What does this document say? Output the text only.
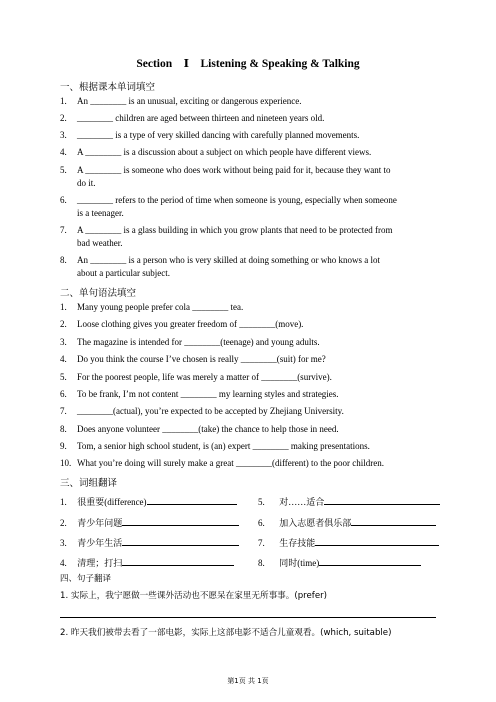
Section　Ⅰ　Listening & Speaking & Talking
一、根据课本单词填空
1. An ________ is an unusual, exciting or dangerous experience.
2. ________ children are aged between thirteen and nineteen years old.
3. ________ is a type of very skilled dancing with carefully planned movements.
4. A ________ is a discussion about a subject on which people have different views.
5. A ________ is someone who does work without being paid for it, because they want to
do it.
6. ________ refers to the period of time when someone is young, especially when someone
is a teenager.
7. A ________ is a glass building in which you grow plants that need to be protected from
bad weather.
8. An ________ is a person who is very skilled at doing something or who knows a lot
about a particular subject.
二、单句语法填空
1. Many young people prefer cola ________ tea.
2. Loose clothing gives you greater freedom of ________(move).
3. The magazine is intended for ________(teenage) and young adults.
4. Do you think the course I’ve chosen is really ________(suit) for me?
5. For the poorest people, life was merely a matter of ________(survive).
6. To be frank, I’m not content ________ my learning styles and strategies.
7. ________(actual), you’re expected to be accepted by Zhejiang University.
8. Does anyone volunteer ________(take) the chance to help those in need.
9. Tom, a senior high school student, is (an) expert ________ making presentations.
10. What you’re doing will surely make a great ________(different) to the poor children.
三、词组翻译
1. 很重要(difference)
2. 青少年问题
3. 青少年生活
4. 清理；打扫
5. 对……适合
6. 加入志愿者俱乐部
7. 生存技能
8. 同时(time)
四、句子翻译
1. 实际上，我宁愿做一些课外活动也不愿呆在家里无所事事。(prefer)
2. 昨天我们被带去看了一部电影，实际上这部电影不适合儿童观看。(which, suitable)
第1页 共 1页
